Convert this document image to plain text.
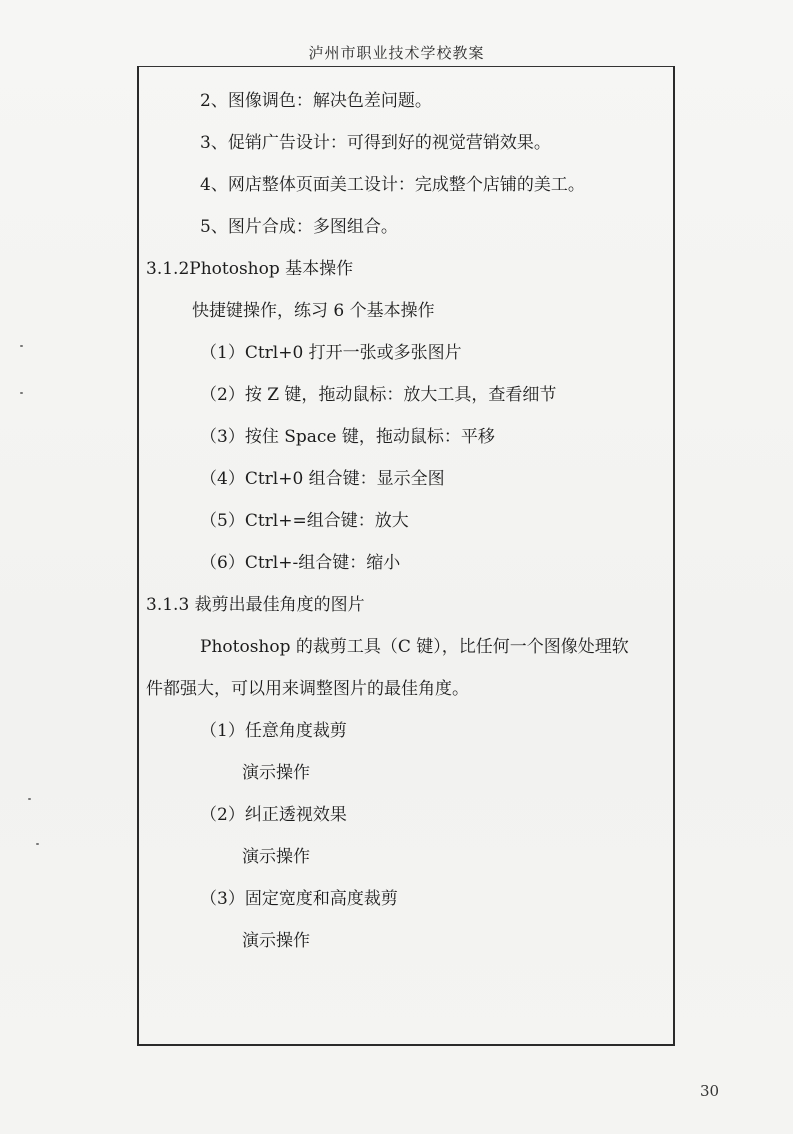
泸州市职业技术学校教案
2、图像调色：解决色差问题。
3、促销广告设计：可得到好的视觉营销效果。
4、网店整体页面美工设计：完成整个店铺的美工。
5、图片合成：多图组合。
3.1.2Photoshop 基本操作
快捷键操作，练习 6 个基本操作
（1）Ctrl+0 打开一张或多张图片
（2）按 Z 键，拖动鼠标：放大工具，查看细节
（3）按住 Space 键，拖动鼠标：平移
（4）Ctrl+0 组合键：显示全图
（5）Ctrl+=组合键：放大
（6）Ctrl+-组合键：缩小
3.1.3 裁剪出最佳角度的图片
Photoshop 的裁剪工具（C 键），比任何一个图像处理软
件都强大，可以用来调整图片的最佳角度。
（1）任意角度裁剪
演示操作
（2）纠正透视效果
演示操作
（3）固定宽度和高度裁剪
演示操作
30
